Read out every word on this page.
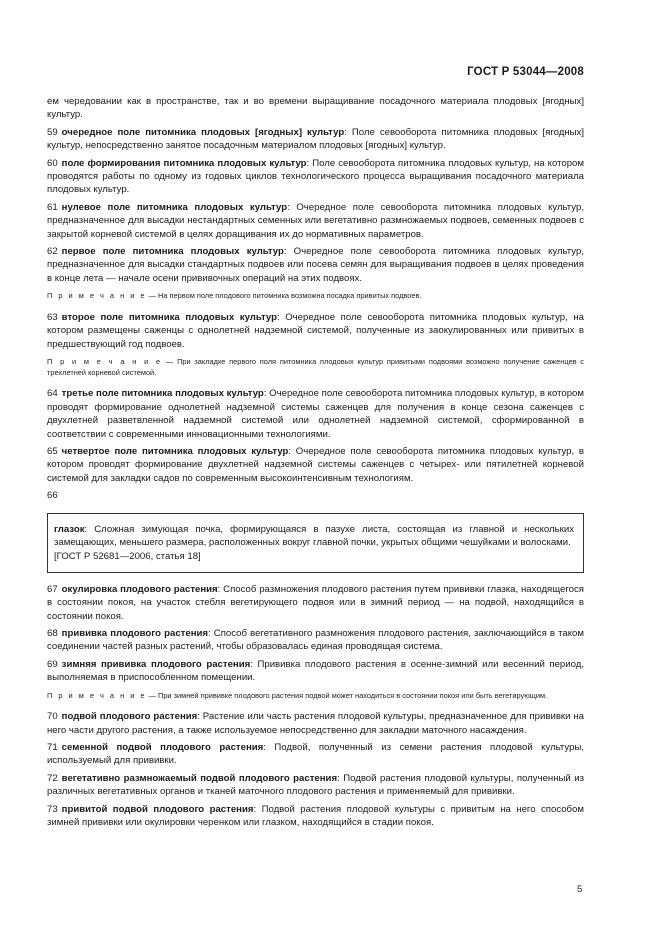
ГОСТ Р 53044—2008

ем чередовании как в пространстве, так и во времени выращивание посадочного материала плодовых [ягодных] культур.

59 очередное поле питомника плодовых [ягодных] культур: Поле севооборота питомника плодовых [ягодных] культур, непосредственно занятое посадочным материалом плодовых [ягодных] культур.

60 поле формирования питомника плодовых культур: Поле севооборота питомника плодовых культур, на котором проводятся работы по одному из годовых циклов технологического процесса выращивания посадочного материала плодовых культур.

61 нулевое поле питомника плодовых культур: Очередное поле севооборота питомника плодовых культур, предназначенное для высадки нестандартных семенных или вегетативно размножаемых подвоев, семенных подвоев с закрытой корневой системой в целях доращивания их до нормативных параметров.

62 первое поле питомника плодовых культур: Очередное поле севооборота питомника плодовых культур, предназначенное для высадки стандартных подвоев или посева семян для выращивания подвоев в целях проведения в конце лета — начале осени прививочных операций на этих подвоях.

П р и м е ч а н и е — На первом поле плодового питомника возможна посадка привитых подвоев.

63 второе поле питомника плодовых культур: Очередное поле севооборота питомника плодовых культур, на котором размещены саженцы с однолетней надземной системой, полученные из заокулированных или привитых в предшествующий год подвоев.

П р и м е ч а н и е — При закладке первого поля питомника плодовых культур привитыми подвоями возможно получение саженцев с трехлетней корневой системой.

64 третье поле питомника плодовых культур: Очередное поле севооборота питомника плодовых культур, в котором проводят формирование однолетней надземной системы саженцев для получения в конце сезона саженцев с двухлетней разветвленной надземной системой или однолетней надземной системой, сформированной в соответствии с современными инновационными технологиями.

65 четвертое поле питомника плодовых культур: Очередное поле севооборота питомника плодовых культур, в котором проводят формирование двухлетней надземной системы саженцев с четырех- или пятилетней корневой системой для закладки садов по современным высокоинтенсивным технологиям.

66

глазок: Сложная зимующая почка, формирующаяся в пазухе листа, состоящая из главной и нескольких замещающих, меньшего размера, расположенных вокруг главной почки, укрытых общими чешуйками и волосками.

[ГОСТ Р 52681—2006, статья 18]

67 окулировка плодового растения: Способ размножения плодового растения путем прививки глазка, находящегося в состоянии покоя, на участок стебля вегетирующего подвоя или в зимний период — на подвой, находящийся в состоянии покоя.

68 прививка плодового растения: Способ вегетативного размножения плодового растения, заключающийся в таком соединении частей разных растений, чтобы образовалась единая проводящая система.

69 зимняя прививка плодового растения: Прививка плодового растения в осенне-зимний или весенний период, выполняемая в приспособленном помещении.

П р и м е ч а н и е — При зимней прививке плодового растения подвой может находиться в состоянии покоя или быть вегетирующим.

70 подвой плодового растения: Растение или часть растения плодовой культуры, предназначенное для прививки на него части другого растения, а также используемое непосредственно для закладки маточного насаждения.

71 семенной подвой плодового растения: Подвой, полученный из семени растения плодовой культуры, используемый для прививки.

72 вегетативно размножаемый подвой плодового растения: Подвой растения плодовой культуры, полученный из различных вегетативных органов и тканей маточного плодового растения и применяемый для прививки.

73 привитой подвой плодового растения: Подвой растения плодовой культуры с привитым на него способом зимней прививки или окулировки черенком или глазком, находящийся в стадии покоя.

5
